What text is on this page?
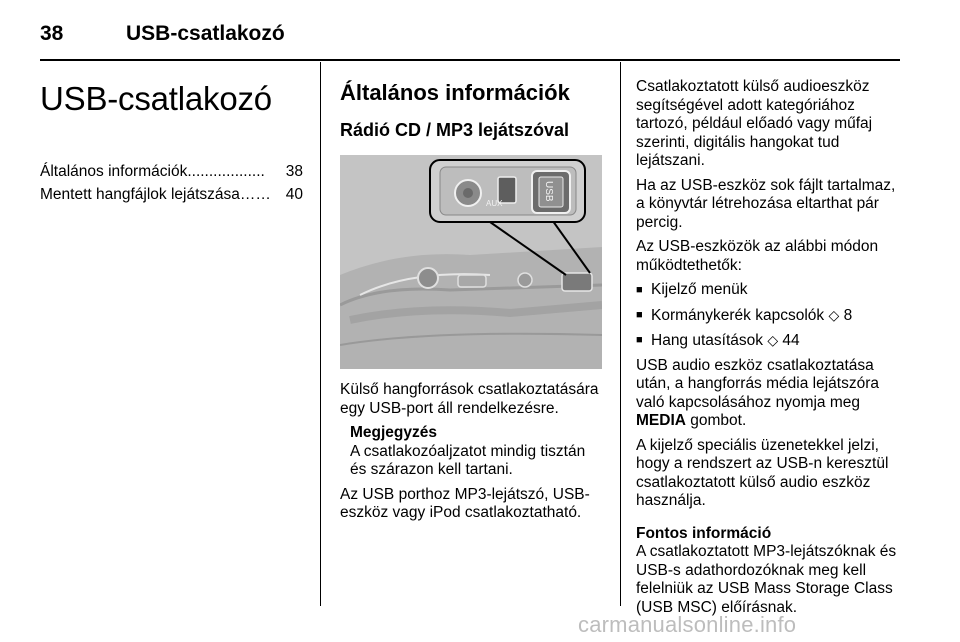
38	USB-csatlakozó
USB-csatlakozó
Általános információk ..................	38
Mentett hangfájlok lejátszása …… 40
Általános információk
Rádió CD / MP3 lejátszóval
AUX
USB

Külső hangforrások csatlakoztatására egy USB-port áll rendelkezésre.

Megjegyzés
A csatlakozóaljzatot mindig tisztán és szárazon kell tartani.

Az USB porthoz MP3-lejátszó, USB-eszköz vagy iPod csatlakoztatható.

Csatlakoztatott külső audioeszköz segítségével adott kategóriához tartozó, például előadó vagy műfaj szerinti, digitális hangokat tud lejátszani.

Ha az USB-eszköz sok fájlt tartalmaz, a könyvtár létrehozása eltarthat pár percig.

Az USB-eszközök az alábbi módon működtethetők:

■ Kijelző menük
■ Kormánykerék kapcsolók ◇ 8
■ Hang utasítások ◇ 44

USB audio eszköz csatlakoztatása után, a hangforrás média lejátszóra való kapcsolásához nyomja meg MEDIA gombot.

A kijelző speciális üzenetekkel jelzi, hogy a rendszert az USB-n keresztül csatlakoztatott külső audio eszköz használja.

Fontos információ

A csatlakoztatott MP3-lejátszóknak és USB-s adathordozóknak meg kell felelniük az USB Mass Storage Class (USB MSC) előírásnak.

carmanualsonline.info
